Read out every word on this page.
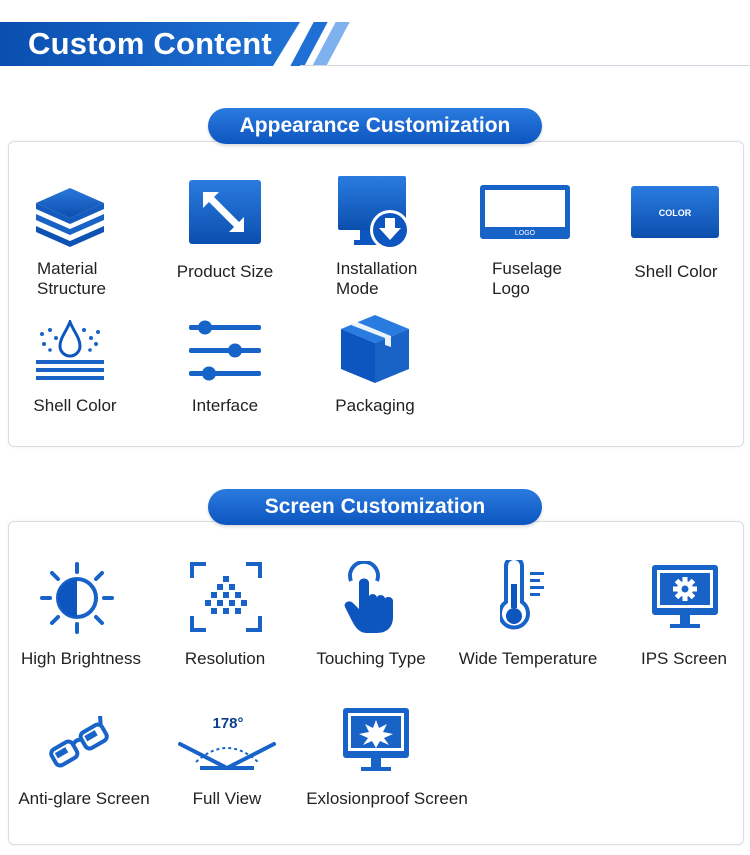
Custom Content
Appearance Customization
Material
Structure
Product Size	Installation
Mode
LOGO
Fuselage
Logo
COLOR
Shell Color
Shell Color	Interface	Packaging
Screen Customization
High Brightness	Resolution	Touching Type Wide Temperature	IPS Screen
Anti-glare Screen
178°
Full View	Exlosionproof Screen
